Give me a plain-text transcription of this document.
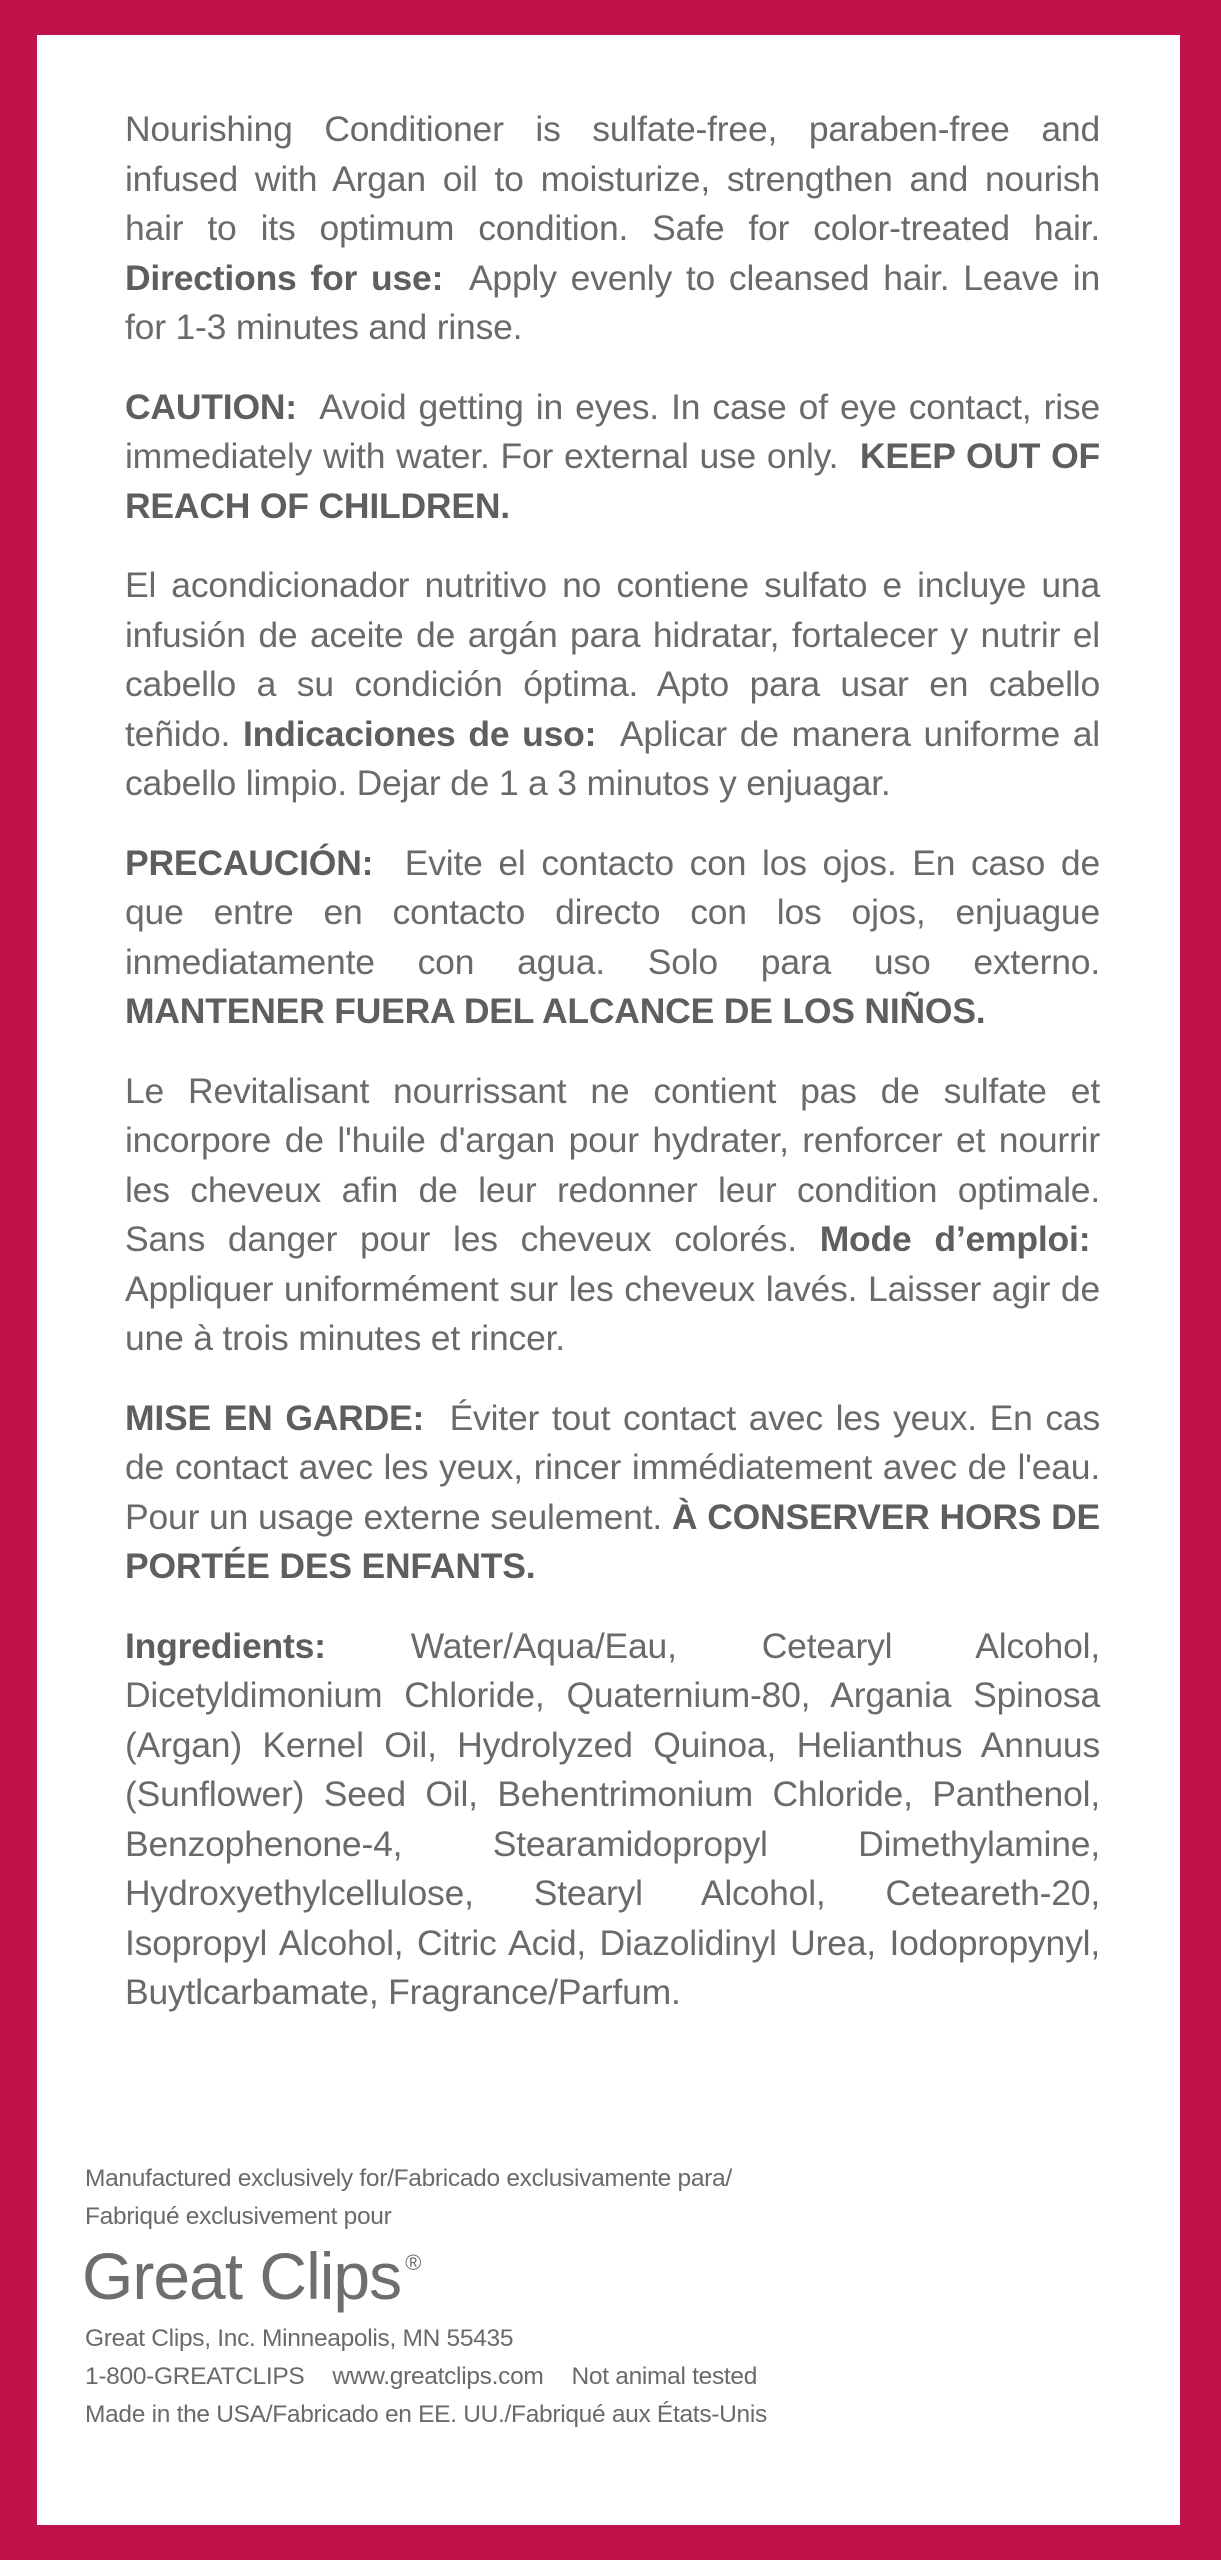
Nourishing Conditioner is sulfate-free, paraben-free and infused with Argan oil to moisturize, strengthen and nourish hair to its optimum condition. Safe for color-treated hair. Directions for use: Apply evenly to cleansed hair. Leave in for 1-3 minutes and rinse.

CAUTION: Avoid getting in eyes. In case of eye contact, rise immediately with water. For external use only. KEEP OUT OF REACH OF CHILDREN.

El acondicionador nutritivo no contiene sulfato e incluye una infusión de aceite de argán para hidratar, fortalecer y nutrir el cabello a su condición óptima. Apto para usar en cabello teñido. Indicaciones de uso: Aplicar de manera uniforme al cabello limpio. Dejar de 1 a 3 minutos y enjuagar.

PRECAUCIÓN: Evite el contacto con los ojos. En caso de que entre en contacto directo con los ojos, enjuague inmediatamente con agua. Solo para uso externo. MANTENER FUERA DEL ALCANCE DE LOS NIÑOS.

Le Revitalisant nourrissant ne contient pas de sulfate et incorpore de l'huile d'argan pour hydrater, renforcer et nourrir les cheveux afin de leur redonner leur condition optimale. Sans danger pour les cheveux colorés. Mode d’emploi:  Appliquer uniformément sur les cheveux lavés. Laisser agir de une à trois minutes et rincer.

MISE EN GARDE: Éviter tout contact avec les yeux. En cas de contact avec les yeux, rincer immédiatement avec de l'eau. Pour un usage externe seulement. À CONSERVER HORS DE PORTÉE DES ENFANTS.

Ingredients: Water/Aqua/Eau, Cetearyl Alcohol, Dicetyldimonium Chloride, Quaternium-80, Argania Spinosa (Argan) Kernel Oil, Hydrolyzed Quinoa, Helianthus Annuus (Sunflower) Seed Oil, Behentrimonium Chloride, Panthenol, Benzophenone-4, Stearamidopropyl Dimethylamine, Hydroxyethylcellulose, Stearyl Alcohol, Ceteareth-20, Isopropyl Alcohol, Citric Acid, Diazolidinyl Urea, Iodopropynyl, Buytlcarbamate, Fragrance/Parfum.

Manufactured exclusively for/Fabricado exclusivamente para/
Fabriqué exclusivement pour
Great Clips ®
Great Clips, Inc. Minneapolis, MN 55435
1-800-GREATCLIPS www.greatclips.com Not animal tested
Made in the USA/Fabricado en EE. UU./Fabriqué aux États-Unis
